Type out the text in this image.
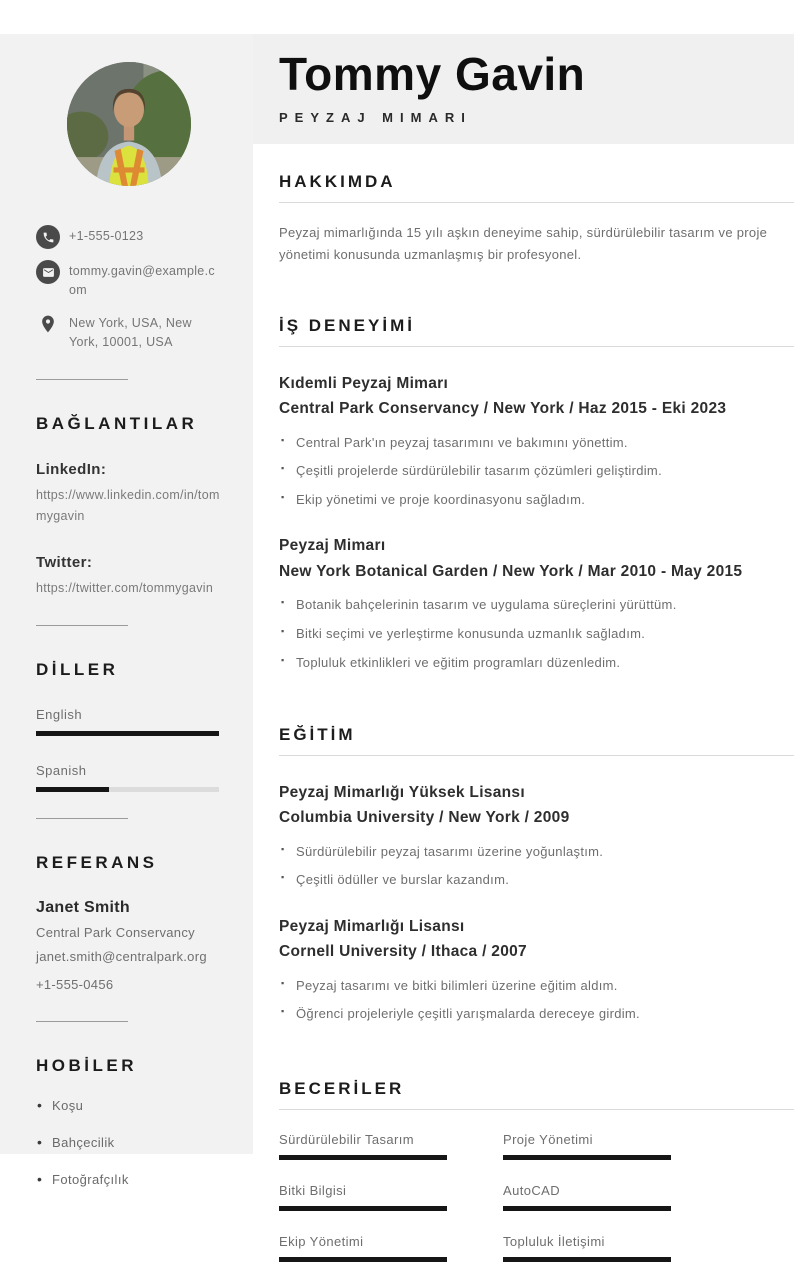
+1-555-0123
tommy.gavin@example.com
New York, USA, New York, 10001, USA
BAĞLANTILAR
LinkedIn:

https://www.linkedin.com/in/tommygavin

Twitter:

https://twitter.com/tommygavin

DİLLER
English
Spanish
REFERANS

Janet Smith

Central Park Conservancy

janet.smith@centralpark.org

+1-555-0456

HOBİLER
• Koşu
• Bahçecilik
• Fotoğrafçılık
Tommy Gavin
PEYZAJ MIMARI
HAKKIMDA

Peyzaj mimarlığında 15 yılı aşkın deneyime sahip, sürdürülebilir tasarım ve proje yönetimi konusunda uzmanlaşmış bir profesyonel.

İŞ DENEYİMİ
Kıdemli Peyzaj Mimarı

Central Park Conservancy / New York / Haz 2015 - Eki 2023

▪ Central Park'ın peyzaj tasarımını ve bakımını yönettim.
▪ Çeşitli projelerde sürdürülebilir tasarım çözümleri geliştirdim.
▪ Ekip yönetimi ve proje koordinasyonu sağladım.
Peyzaj Mimarı

New York Botanical Garden / New York / Mar 2010 - May 2015

▪ Botanik bahçelerinin tasarım ve uygulama süreçlerini yürüttüm.
▪ Bitki seçimi ve yerleştirme konusunda uzmanlık sağladım.
▪ Topluluk etkinlikleri ve eğitim programları düzenledim.
EĞİTİM
Peyzaj Mimarlığı Yüksek Lisansı

Columbia University / New York / 2009

▪ Sürdürülebilir peyzaj tasarımı üzerine yoğunlaştım.
▪ Çeşitli ödüller ve burslar kazandım.
Peyzaj Mimarlığı Lisansı

Cornell University / Ithaca / 2007

▪ Peyzaj tasarımı ve bitki bilimleri üzerine eğitim aldım.
▪ Öğrenci projeleriyle çeşitli yarışmalarda dereceye girdim.
BECERİLER
Sürdürülebilir Tasarım	Proje Yönetimi
Bitki Bilgisi	AutoCAD
Ekip Yönetimi	Topluluk İletişimi
